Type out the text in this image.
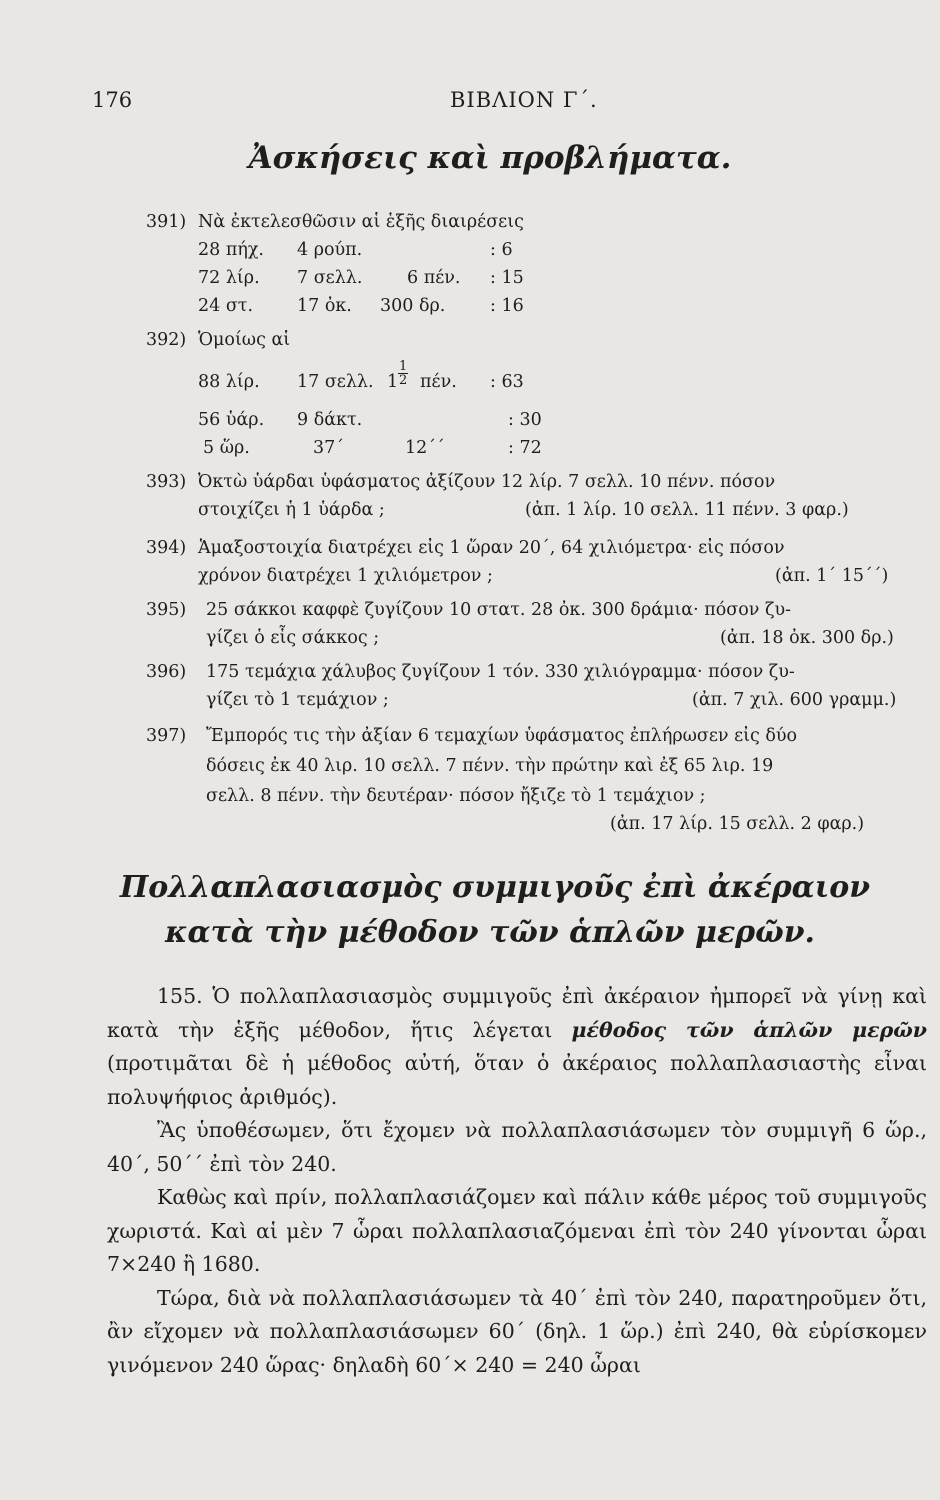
176	ΒΙΒΛΙΟΝ Γ΄.
Ἀσκήσεις καὶ προβλήματα.
391) Νὰ ἐκτελεσθῶσιν αἱ ἑξῆς διαιρέσεις
28 πήχ. 4 ρούπ.	: 6
72 λίρ. 7 σελλ.	6 πέν. : 15
24 στ.	17 ὀκ. 300 δρ.	: 16
392) Ὁμοίως αἱ
88 λίρ. 17 σελλ. $1 \frac{1}{2} \pi έ\nu$. : 63
56 ὑάρ. 9 δάκτ.	: 30
5 ὥρ.	37΄	12΄΄	: 72
393) Ὀκτὼ ὑάρδαι ὑφάσματος ἀξίζουν 12 λίρ. 7 σελλ. 10 πένν. πόσον
στοιχίζει ἡ 1 ὑάρδα ;	(ἀπ. 1 λίρ. 10 σελλ. 11 πένν. 3 φαρ.)
394) Ἁμαξοστοιχία διατρέχει εἰς 1 ὥραν 20΄, 64 χιλιόμετρα· εἰς πόσον
χρόνον διατρέχει 1 χιλιόμετρον ;	(ἀπ. 1΄ 15΄΄)
395) 25 σάκκοι καφφὲ ζυγίζουν 10 στατ. 28 ὀκ. 300 δράμια· πόσον ζυ-
γίζει ὁ εἷς σάκκος ;	(ἀπ. 18 ὀκ. 300 δρ.)
396) 175 τεμάχια χάλυβος ζυγίζουν 1 τόν. 330 χιλιόγραμμα· πόσον ζυ-
γίζει τὸ 1 τεμάχιον ;	(ἀπ. 7 χιλ. 600 γραμμ.)
397) Ἔμπορός τις τὴν ἀξίαν 6 τεμαχίων ὑφάσματος ἐπλήρωσεν εἰς δύο
δόσεις ἐκ 40 λιρ. 10 σελλ. 7 πένν. τὴν πρώτην καὶ ἐξ 65 λιρ. 19
σελλ. 8 πένν. τὴν δευτέραν· πόσον ἤξιζε τὸ 1 τεμάχιον ;
(ἀπ. 17 λίρ. 15 σελλ. 2 φαρ.)
Πολλαπλασιασμὸς συμμιγοῦς ἐπὶ ἀκέραιον
κατὰ τὴν μέθοδον τῶν ἁπλῶν μερῶν.

155. Ὁ πολλαπλασιασμὸς συμμιγοῦς ἐπὶ ἀκέραιον ἠμπορεῖ νὰ γίνῃ καὶ κατὰ τὴν ἑξῆς μέθοδον, ἥτις λέγεται μέθοδος τῶν ἁπλῶν μερῶν (προτιμᾶται δὲ ἡ μέθοδος αὐτή, ὅταν ὁ ἀκέραιος πολλαπλασιαστὴς εἶναι πολυψήφιος ἀριθμός).

Ἂς ὑποθέσωμεν, ὅτι ἔχομεν νὰ πολλαπλασιάσωμεν τὸν συμμιγῆ 6 ὥρ., 40΄, 50΄΄ ἐπὶ τὸν 240.

Καθὼς καὶ πρίν, πολλαπλασιάζομεν καὶ πάλιν κάθε μέρος τοῦ συμμιγοῦς χωριστά. Καὶ αἱ μὲν 7 ὧραι πολλαπλασιαζόμεναι ἐπὶ τὸν 240 γίνονται ὧραι 7×240 ἢ 1680.

Τώρα, διὰ νὰ πολλαπλασιάσωμεν τὰ 40΄ ἐπὶ τὸν 240, παρατηροῦμεν ὅτι, ἂν εἴχομεν νὰ πολλαπλασιάσωμεν 60΄ (δηλ. 1 ὥρ.) ἐπὶ 240, θὰ εὑρίσκομεν γινόμενον 240 ὥρας· δηλαδὴ 60΄× 240 = 240 ὧραι
